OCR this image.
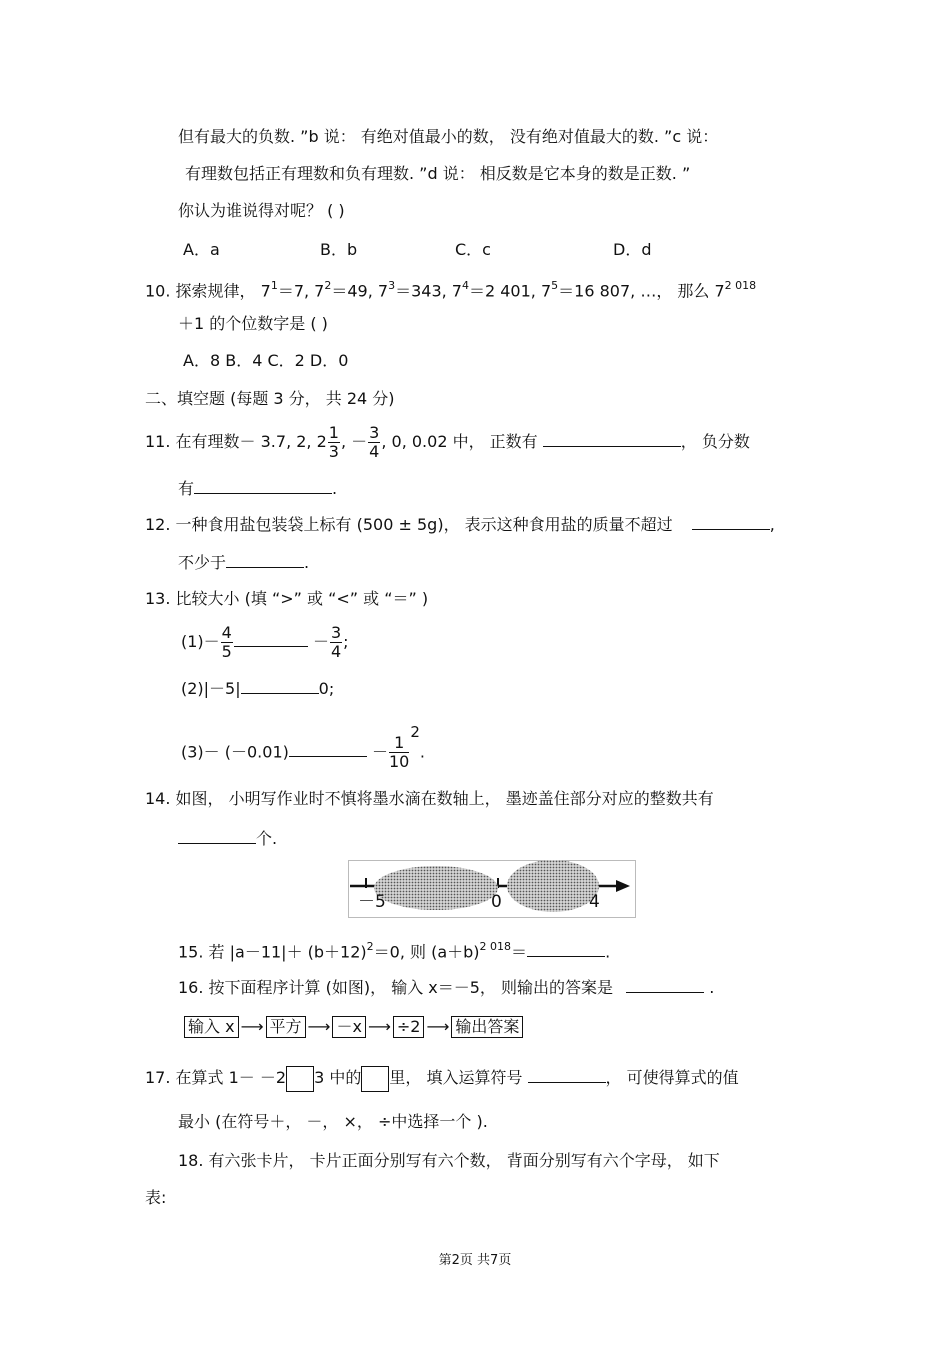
但有最大的负数. ”b 说： 有绝对值最小的数， 没有绝对值最大的数. ”c 说：
有理数包括正有理数和负有理数. ”d 说： 相反数是它本身的数是正数. ”
你认为谁说得对呢？ ( )
A．a	B．b	C．c	D．d
10. 探索规律， $7^1=7$, $7^2=49$, $7^3=343$, $7^4=2$ 401, $7^5=16$ 807, …， 那么 $7^{2 018}$
＋1 的个位数字是 ( )
A．8 B．4 C．2 D．0
二、填空题 (每题 3 分， 共 24 分)
11. 在有理数－ 3.7, 2, $2 \frac{1}{3}$ , － $\frac{3}{4}$ , 0, 0.02 中， 正数有	， 负分数
有	.
12. 一种食用盐包装袋上标有 (500 ± 5g)， 表示这种食用盐的质量不超过	,
不少于	.
13. 比较大小 (填 “>” 或 “<” 或 “＝” )
$(1)- \frac{4}{5}$	－ $\frac{3}{4}$ ;
(2)|－5|	0;
(3)－ (－0.01)	－ $\frac{1}{10}$
$^2$.
14. 如图， 小明写作业时不慎将墨水滴在数轴上， 墨迹盖住部分对应的整数共有
个.
－5	0	4
15. 若 $|a-11|+ (b+12)^2=0$, 则 $(a+b)^{2 018}=$	.
16. 按下面程序计算 (如图)， 输入 x＝－5， 则输出的答案是	.
输入 x ⟶ 平方 ⟶ －x ⟶ ÷2 ⟶ 输出答案
17. 在算式 1－ －2 3 中的 里， 填入运算符号	， 可使得算式的值
最小 (在符号＋， －， ×， ÷中选择一个 ).
18. 有六张卡片， 卡片正面分别写有六个数， 背面分别写有六个字母， 如下
表:
第2页 共7页
